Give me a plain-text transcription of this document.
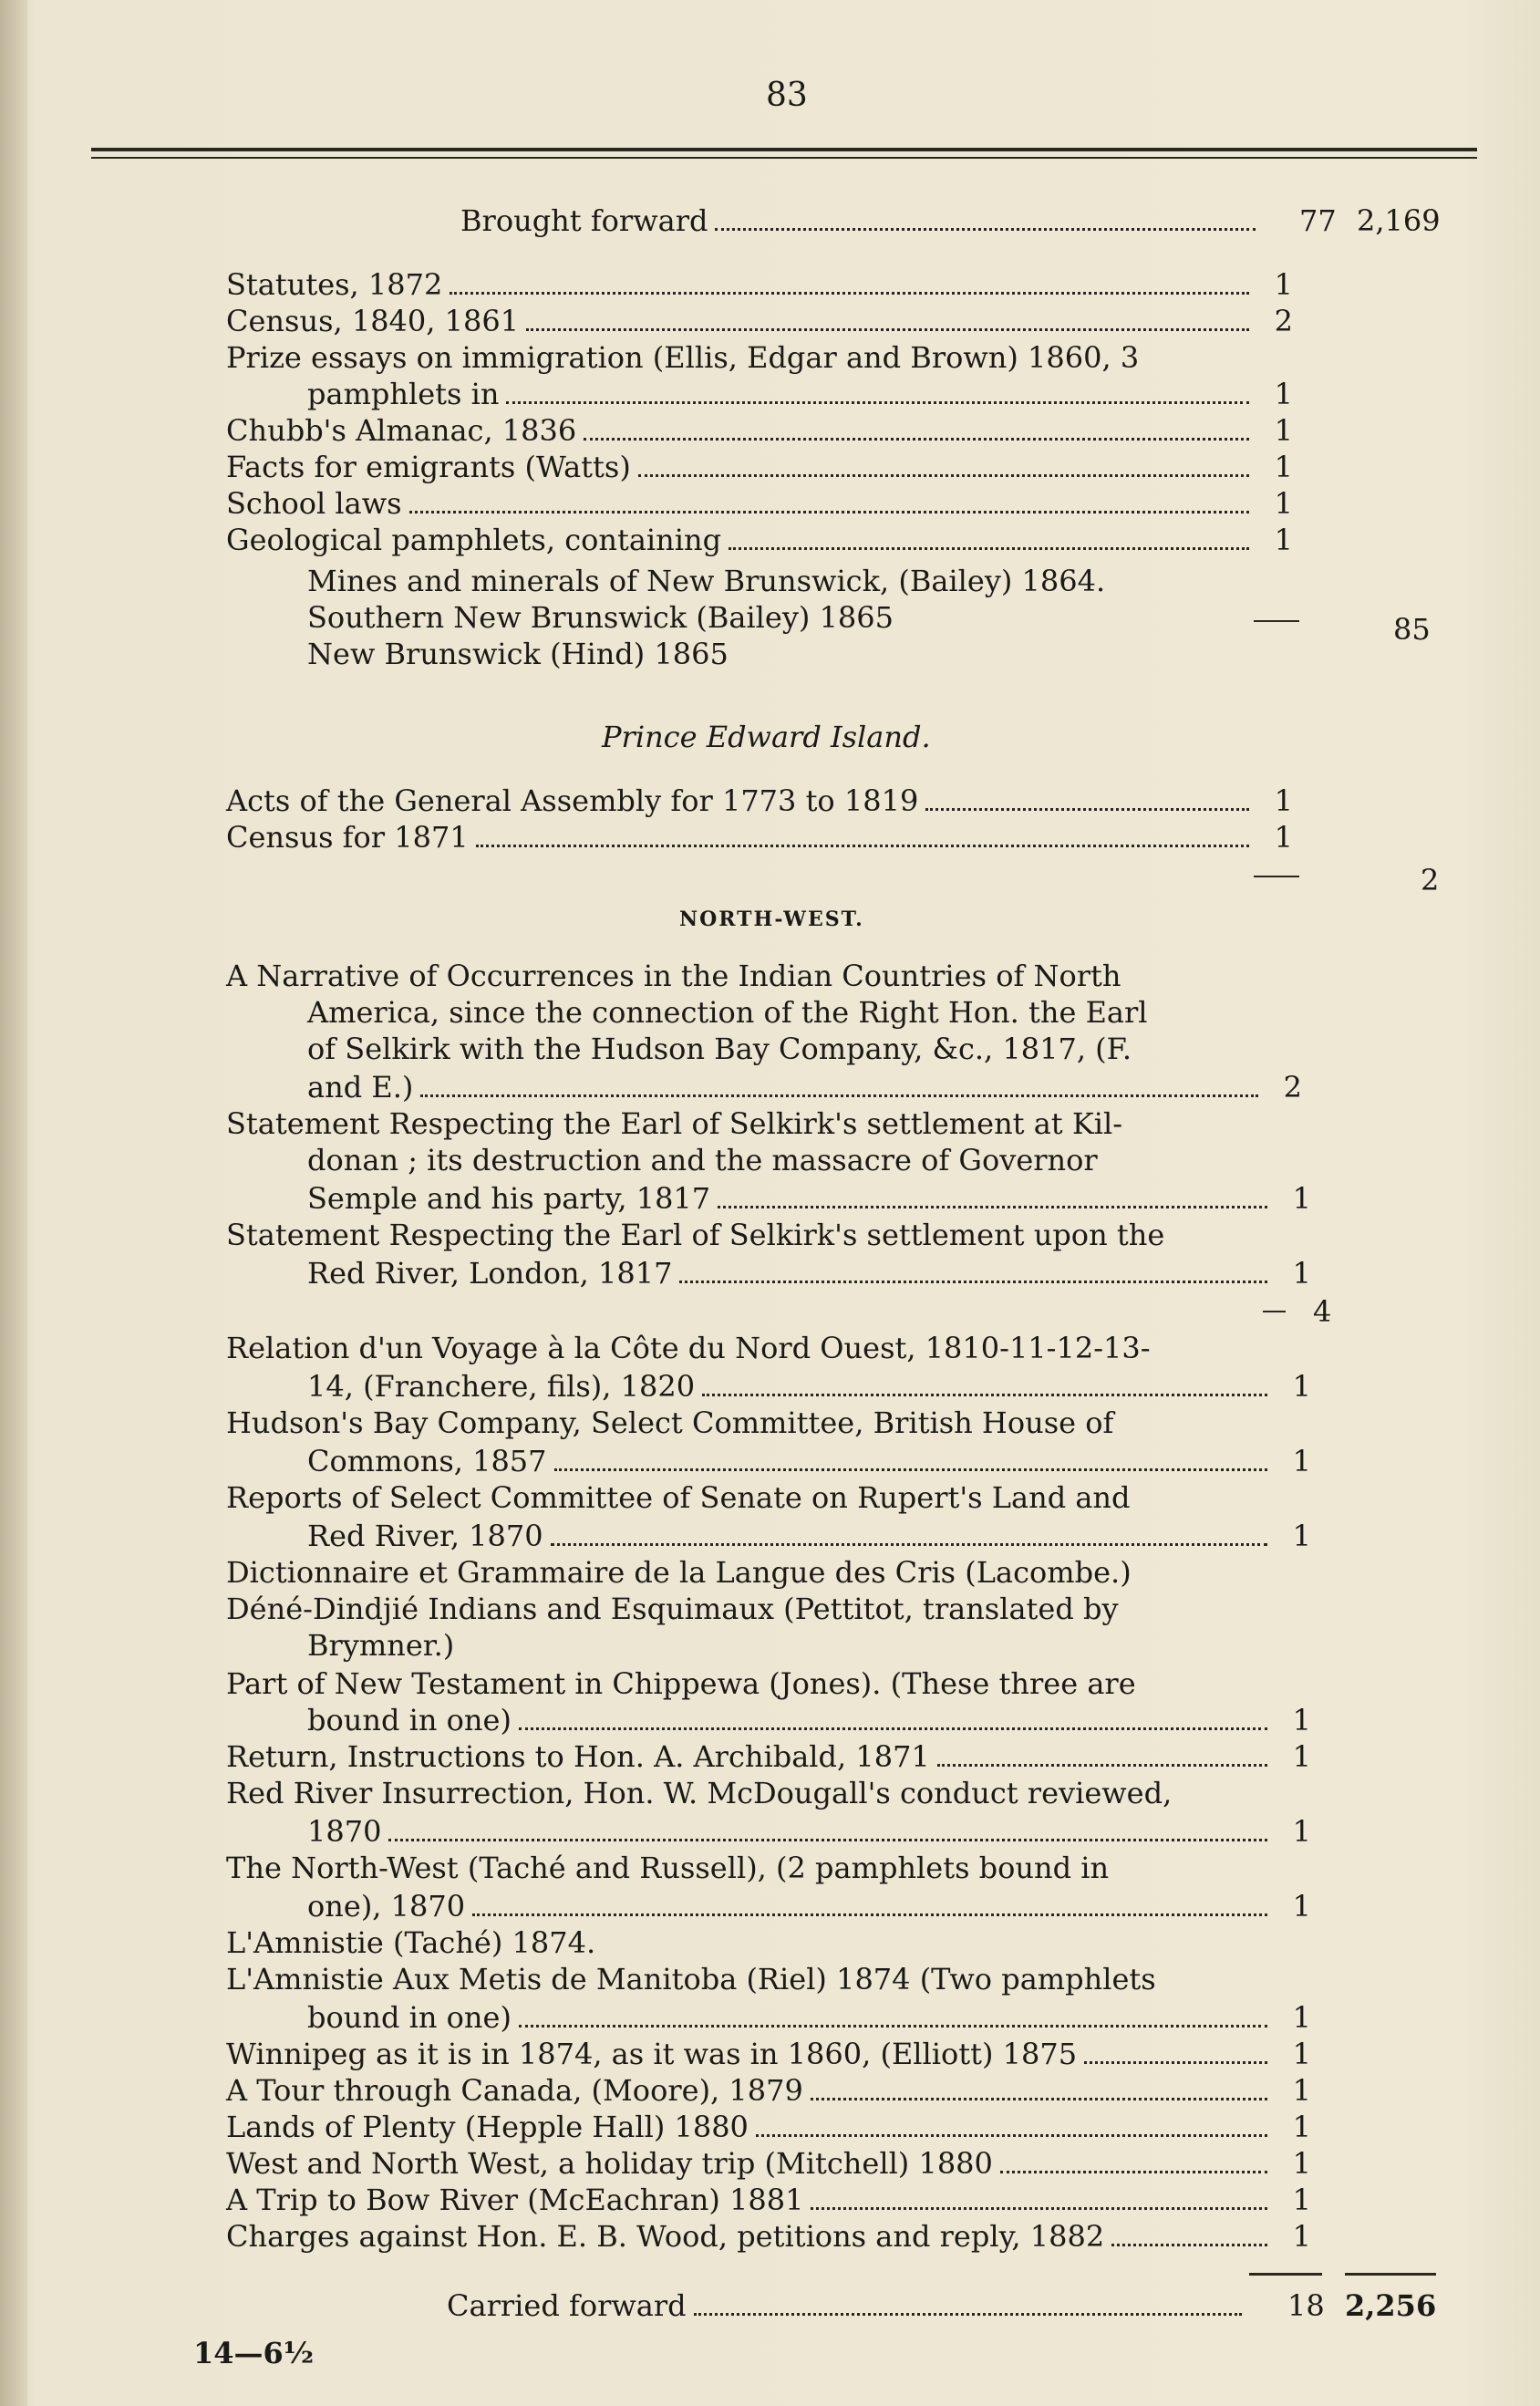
83
Brought forward	77 2,169
Statutes, 1872	1
Census, 1840, 1861	2
Prize essays on immigration (Ellis, Edgar and Brown) 1860, 3
pamphlets in	1
Chubb's Almanac, 1836	1
Facts for emigrants (Watts)	1
School laws	1
Geological pamphlets, containing	1
Mines and minerals of New Brunswick, (Bailey) 1864.
Southern New Brunswick (Bailey) 1865
New Brunswick (Hind) 1865
85
Prince Edward Island.
Acts of the General Assembly for 1773 to 1819	1
Census for 1871	1
2
NORTH-WEST.
A Narrative of Occurrences in the Indian Countries of North
America, since the connection of the Right Hon. the Earl
of Selkirk with the Hudson Bay Company, &c., 1817, (F.
and E.)	2
Statement Respecting the Earl of Selkirk's settlement at Kil-
donan ; its destruction and the massacre of Governor
Semple and his party, 1817	1
Statement Respecting the Earl of Selkirk's settlement upon the
Red River, London, 1817	1
4
Relation d'un Voyage à la Côte du Nord Ouest, 1810-11-12-13-
14, (Franchere, fils), 1820	1
Hudson's Bay Company, Select Committee, British House of
Commons, 1857	1
Reports of Select Committee of Senate on Rupert's Land and
Red River, 1870	1
Dictionnaire et Grammaire de la Langue des Cris (Lacombe.)
Déné-Dindjié Indians and Esquimaux (Pettitot, translated by
Brymner.)
Part of New Testament in Chippewa (Jones). (These three are
bound in one)	1
Return, Instructions to Hon. A. Archibald, 1871	1
Red River Insurrection, Hon. W. McDougall's conduct reviewed,
1870	1
The North-West (Taché and Russell), (2 pamphlets bound in
one), 1870	1
L'Amnistie (Taché) 1874.
L'Amnistie Aux Metis de Manitoba (Riel) 1874 (Two pamphlets
bound in one)	1
Winnipeg as it is in 1874, as it was in 1860, (Elliott) 1875	1
A Tour through Canada, (Moore), 1879	1
Lands of Plenty (Hepple Hall) 1880	1
West and North West, a holiday trip (Mitchell) 1880	1
A Trip to Bow River (McEachran) 1881	1
Charges against Hon. E. B. Wood, petitions and reply, 1882	1
Carried forward	18 2,256
14—6½
